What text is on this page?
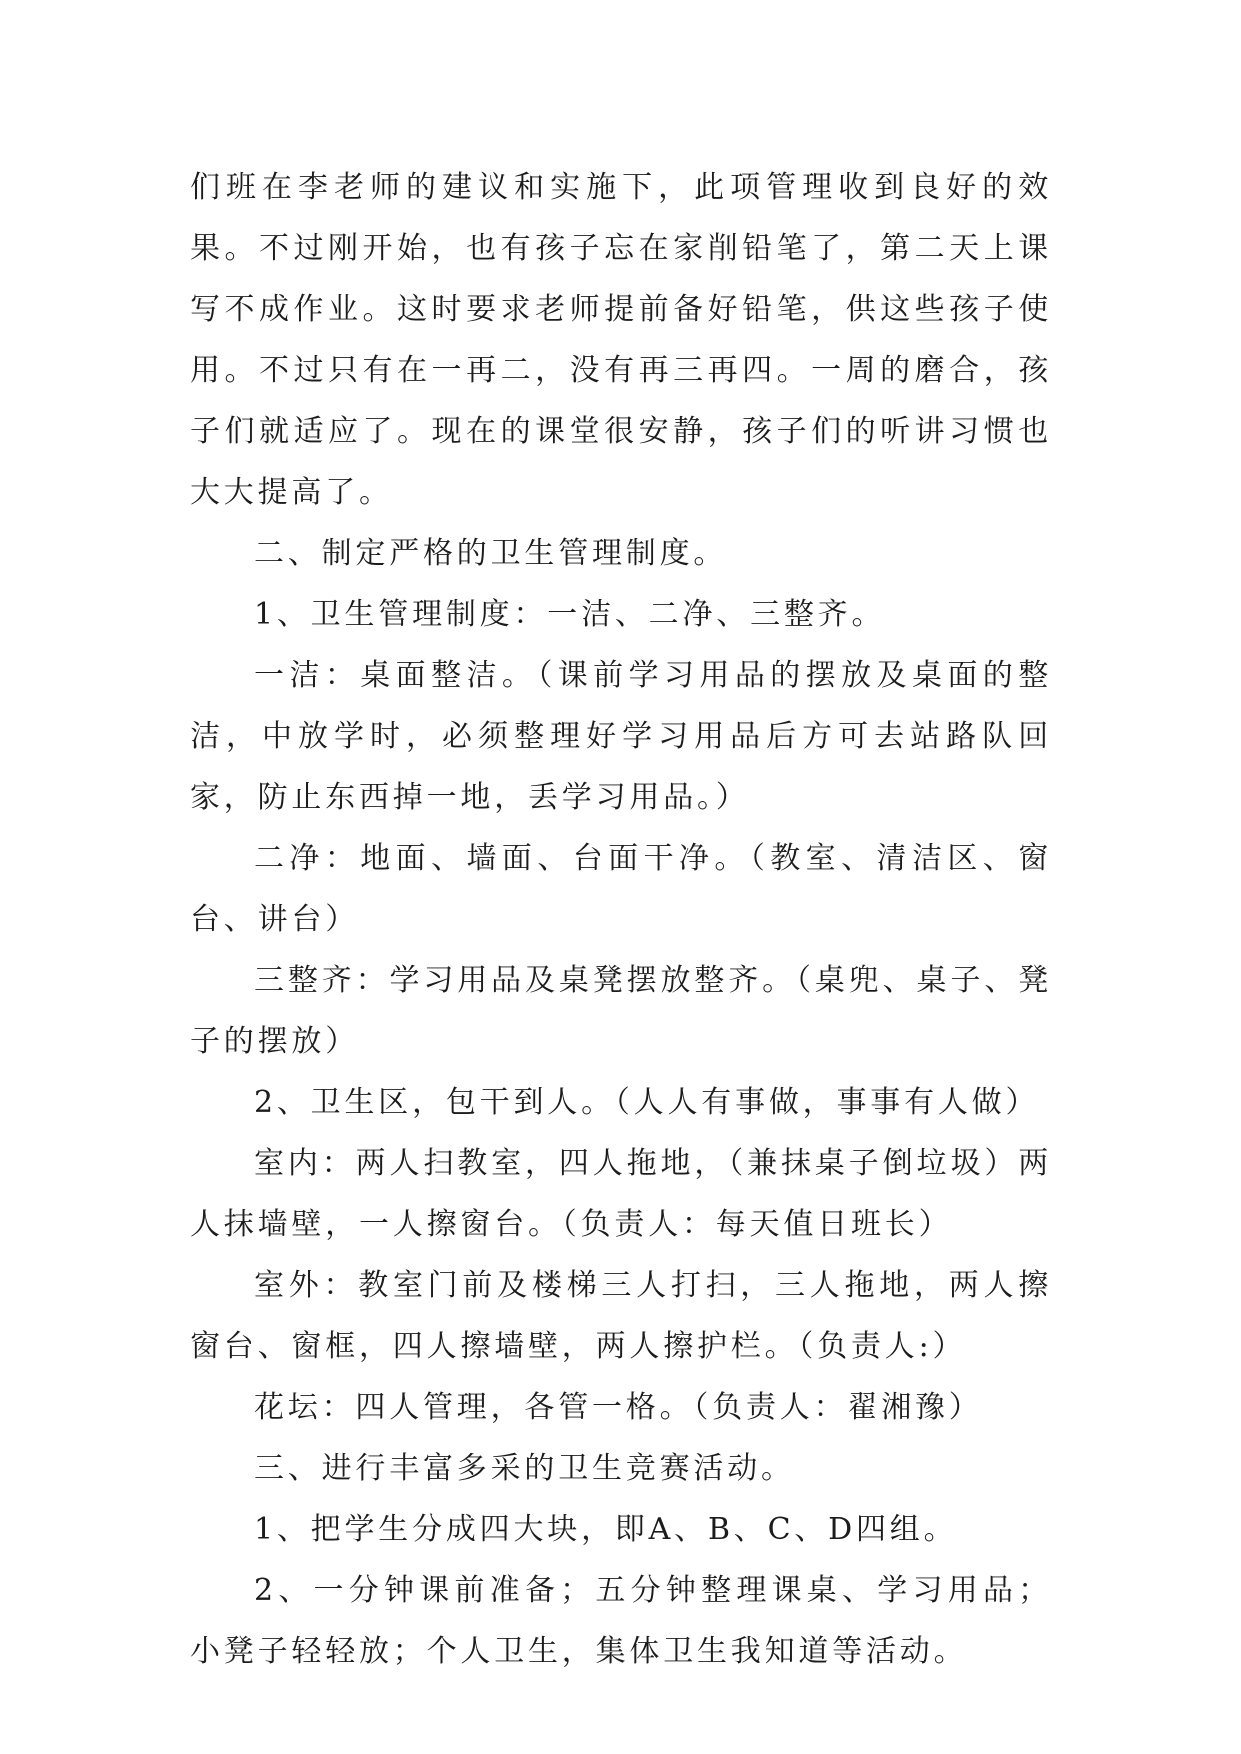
们班在李老师的建议和实施下，此项管理收到良好的效果。不过刚开始，也有孩子忘在家削铅笔了，第二天上课写不成作业。这时要求老师提前备好铅笔，供这些孩子使用。不过只有在一再二，没有再三再四。一周的磨合，孩子们就适应了。现在的课堂很安静，孩子们的听讲习惯也大大提高了。

二、制定严格的卫生管理制度。

1、卫生管理制度：一洁、二净、三整齐。

一洁：桌面整洁。（课前学习用品的摆放及桌面的整洁，中放学时，必须整理好学习用品后方可去站路队回家，防止东西掉一地，丢学习用品。）

二净：地面、墙面、台面干净。（教室、清洁区、窗台、讲台）

三整齐：学习用品及桌凳摆放整齐。（桌兜、桌子、凳子的摆放）

2、卫生区，包干到人。（人人有事做，事事有人做）

室内：两人扫教室，四人拖地，（兼抹桌子倒垃圾）两人抹墙壁，一人擦窗台。（负责人：每天值日班长）

室外：教室门前及楼梯三人打扫，三人拖地，两人擦窗台、窗框，四人擦墙壁，两人擦护栏。（负责人:）

花坛：四人管理，各管一格。（负责人：翟湘豫）

三、进行丰富多采的卫生竞赛活动。

1、把学生分成四大块，即A、B、C、D四组。

2、一分钟课前准备；五分钟整理课桌、学习用品；小凳子轻轻放；个人卫生，集体卫生我知道等活动。
